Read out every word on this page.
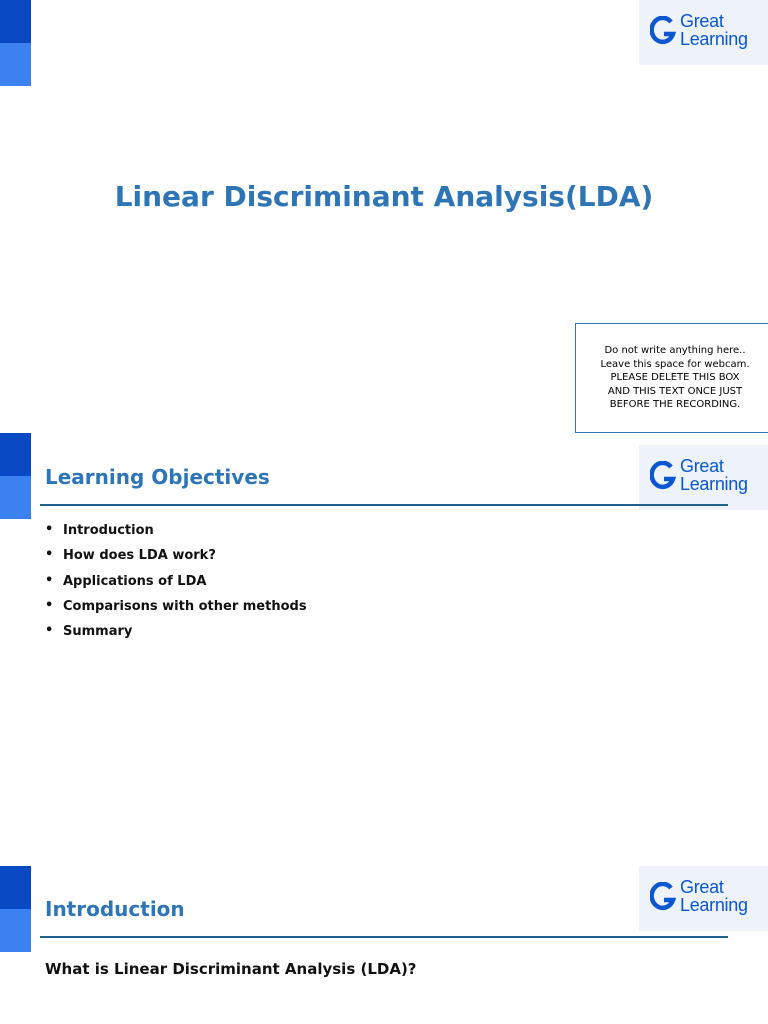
Great
Learning
Linear Discriminant Analysis(LDA)
Do not write anything here..
Leave this space for webcam.
PLEASE DELETE THIS BOX
AND THIS TEXT ONCE JUST
BEFORE THE RECORDING.
Great
Learning
Learning Objectives
• Introduction
• How does LDA work?
• Applications of LDA
• Comparisons with other methods
• Summary
Great
Learning
Introduction

What is Linear Discriminant Analysis (LDA)?
